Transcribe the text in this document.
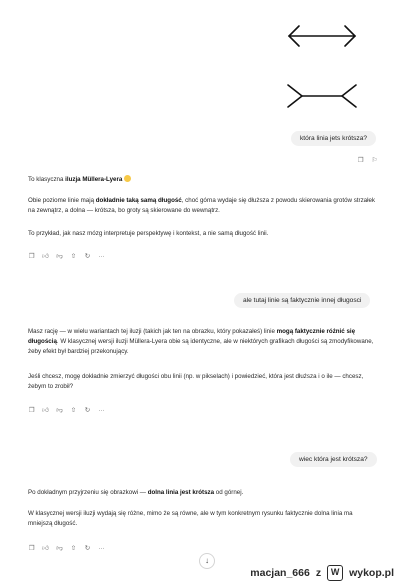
która linia jets krótsza?
❐ ⚐

To klasyczna iluzja Müllera-Lyera

Obie poziome linie mają dokładnie taką samą długość, choć górna wydaje się dłuższa z powodu skierowania grotów strzałek na zewnątrz, a dolna — krótsza, bo groty są skierowane do wewnątrz.

To przykład, jak nasz mózg interpretuje perspektywę i kontekst, a nie samą długość linii.

❐ 👍︎ 👎︎ ⇧ ↻ ···
ale tutaj linie są faktycznie innej długosci

Masz rację — w wielu wariantach tej iluzji (takich jak ten na obrazku, który pokazałeś) linie mogą faktycznie różnić się długością. W klasycznej wersji iluzji Müllera-Lyera obie są identyczne, ale w niektórych grafikach długości są zmodyfikowane, żeby efekt był bardziej przekonujący.

Jeśli chcesz, mogę dokładnie zmierzyć długości obu linii (np. w pikselach) i powiedzieć, która jest dłuższa i o ile — chcesz, żebym to zrobił?

❐ 👍︎ 👎︎ ⇧ ↻ ···
wiec która jest krótsza?

Po dokładnym przyjrzeniu się obrazkowi — dolna linia jest krótsza od górnej.

W klasycznej wersji iluzji wydają się różne, mimo że są równe, ale w tym konkretnym rysunku faktycznie dolna linia ma mniejszą długość.

❐ 👍︎ 👎︎ ⇧ ↻ ···
↓
macjan_666 z	W wykop.pl
